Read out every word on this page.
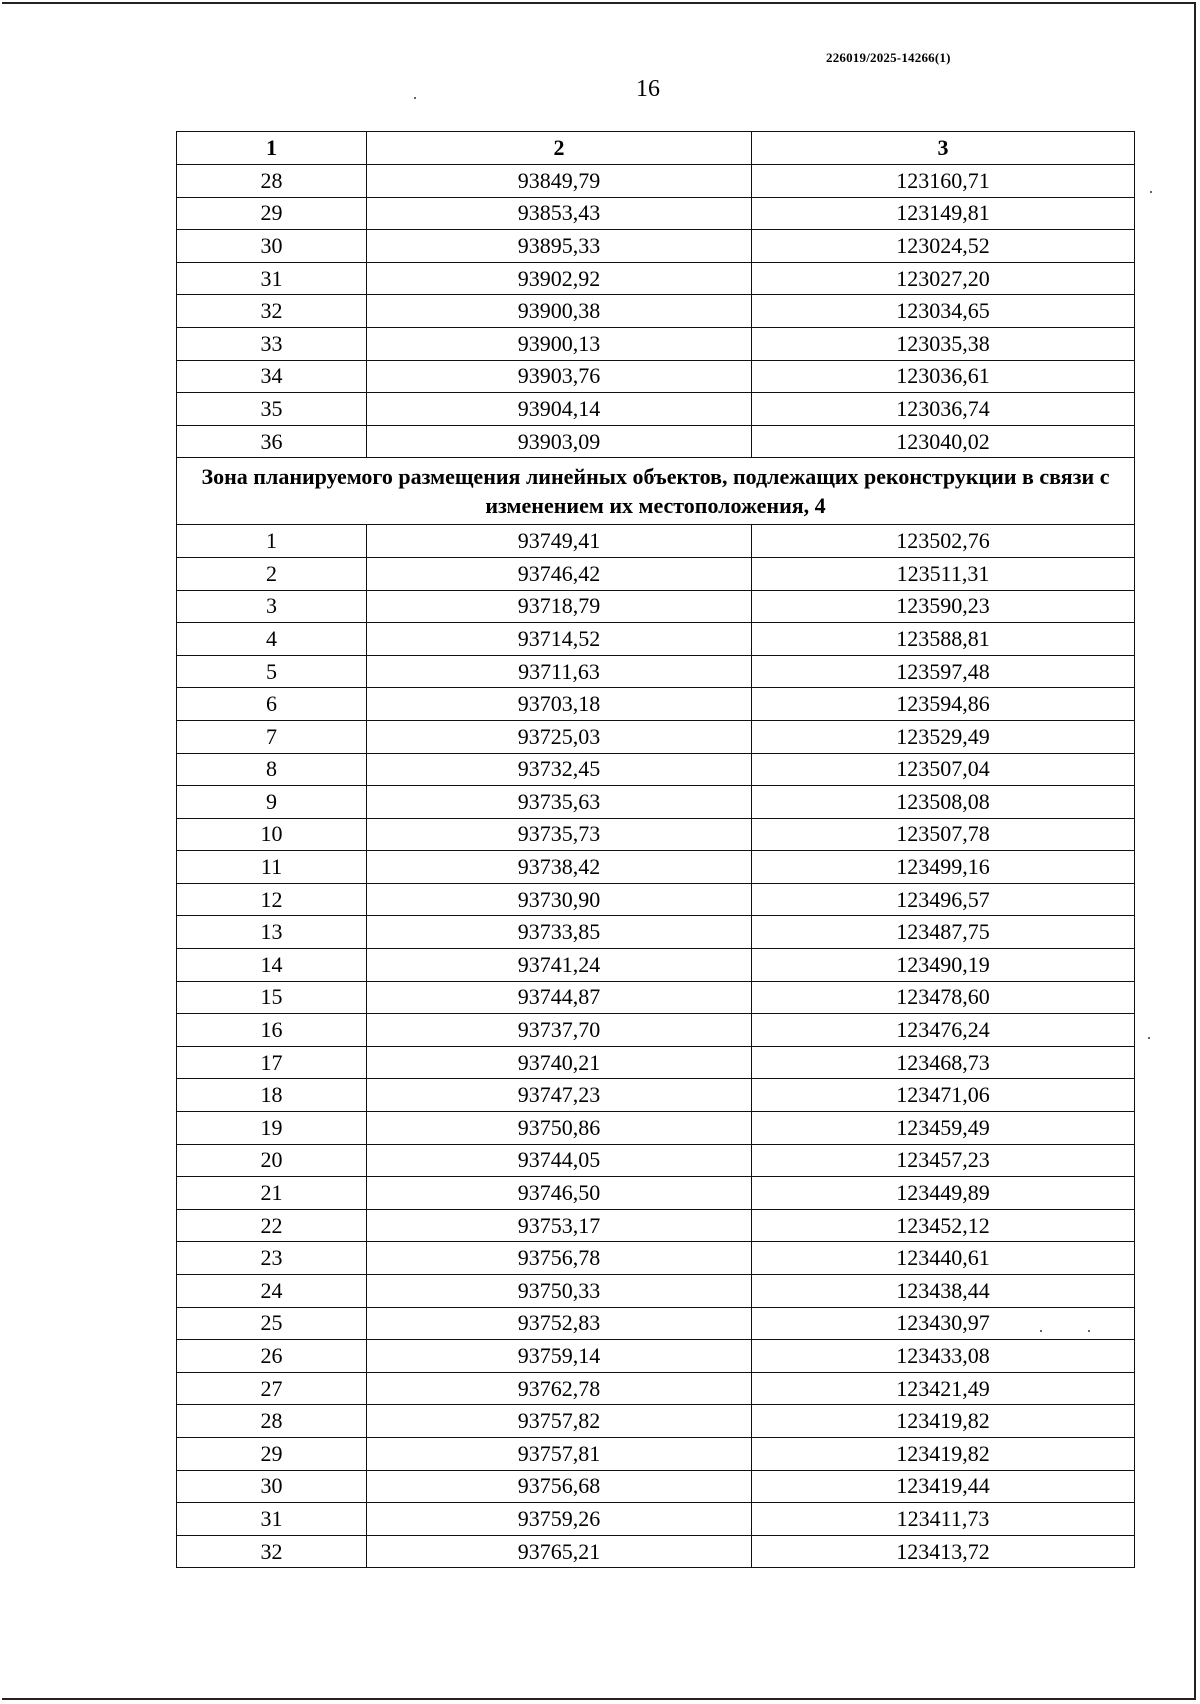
226019/2025-14266(1)
16
1	2	3
28	93849,79	123160,71
29	93853,43	123149,81
30	93895,33	123024,52
31	93902,92	123027,20
32	93900,38	123034,65
33	93900,13	123035,38
34	93903,76	123036,61
35	93904,14	123036,74
36	93903,09	123040,02
Зона планируемого размещения линейных объектов, подлежащих реконструкции в связи с изменением их местоположения, 4		
1	93749,41	123502,76
2	93746,42	123511,31
3	93718,79	123590,23
4	93714,52	123588,81
5	93711,63	123597,48
6	93703,18	123594,86
7	93725,03	123529,49
8	93732,45	123507,04
9	93735,63	123508,08
10	93735,73	123507,78
11	93738,42	123499,16
12	93730,90	123496,57
13	93733,85	123487,75
14	93741,24	123490,19
15	93744,87	123478,60
16	93737,70	123476,24
17	93740,21	123468,73
18	93747,23	123471,06
19	93750,86	123459,49
20	93744,05	123457,23
21	93746,50	123449,89
22	93753,17	123452,12
23	93756,78	123440,61
24	93750,33	123438,44
25	93752,83	123430,97
26	93759,14	123433,08
27	93762,78	123421,49
28	93757,82	123419,82
29	93757,81	123419,82
30	93756,68	123419,44
31	93759,26	123411,73
32	93765,21	123413,72
